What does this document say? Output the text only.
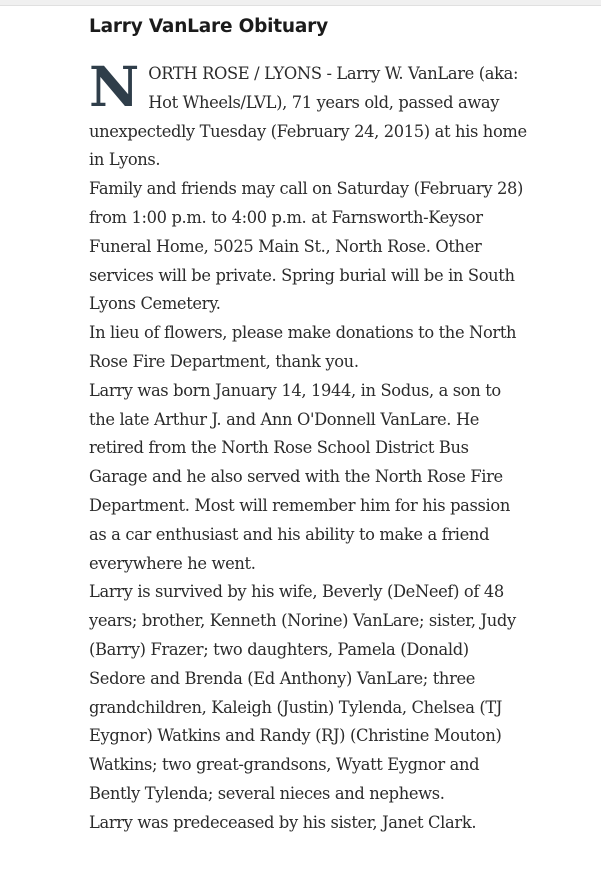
Larry VanLare Obituary

NORTH ROSE / LYONS - Larry W. VanLare (aka: Hot Wheels/LVL), 71 years old, passed away unexpectedly Tuesday (February 24, 2015) at his home in Lyons.

Family and friends may call on Saturday (February 28) from 1:00 p.m. to 4:00 p.m. at Farnsworth-Keysor Funeral Home, 5025 Main St., North Rose. Other services will be private. Spring burial will be in South Lyons Cemetery.

In lieu of flowers, please make donations to the North Rose Fire Department, thank you.

Larry was born January 14, 1944, in Sodus, a son to the late Arthur J. and Ann O'Donnell VanLare. He retired from the North Rose School District Bus Garage and he also served with the North Rose Fire Department. Most will remember him for his passion as a car enthusiast and his ability to make a friend everywhere he went.

Larry is survived by his wife, Beverly (DeNeef) of 48 years; brother, Kenneth (Norine) VanLare; sister, Judy (Barry) Frazer; two daughters, Pamela (Donald) Sedore and Brenda (Ed Anthony) VanLare; three grandchildren, Kaleigh (Justin) Tylenda, Chelsea (TJ Eygnor) Watkins and Randy (RJ) (Christine Mouton) Watkins; two great-grandsons, Wyatt Eygnor and Bently Tylenda; several nieces and nephews.

Larry was predeceased by his sister, Janet Clark.
